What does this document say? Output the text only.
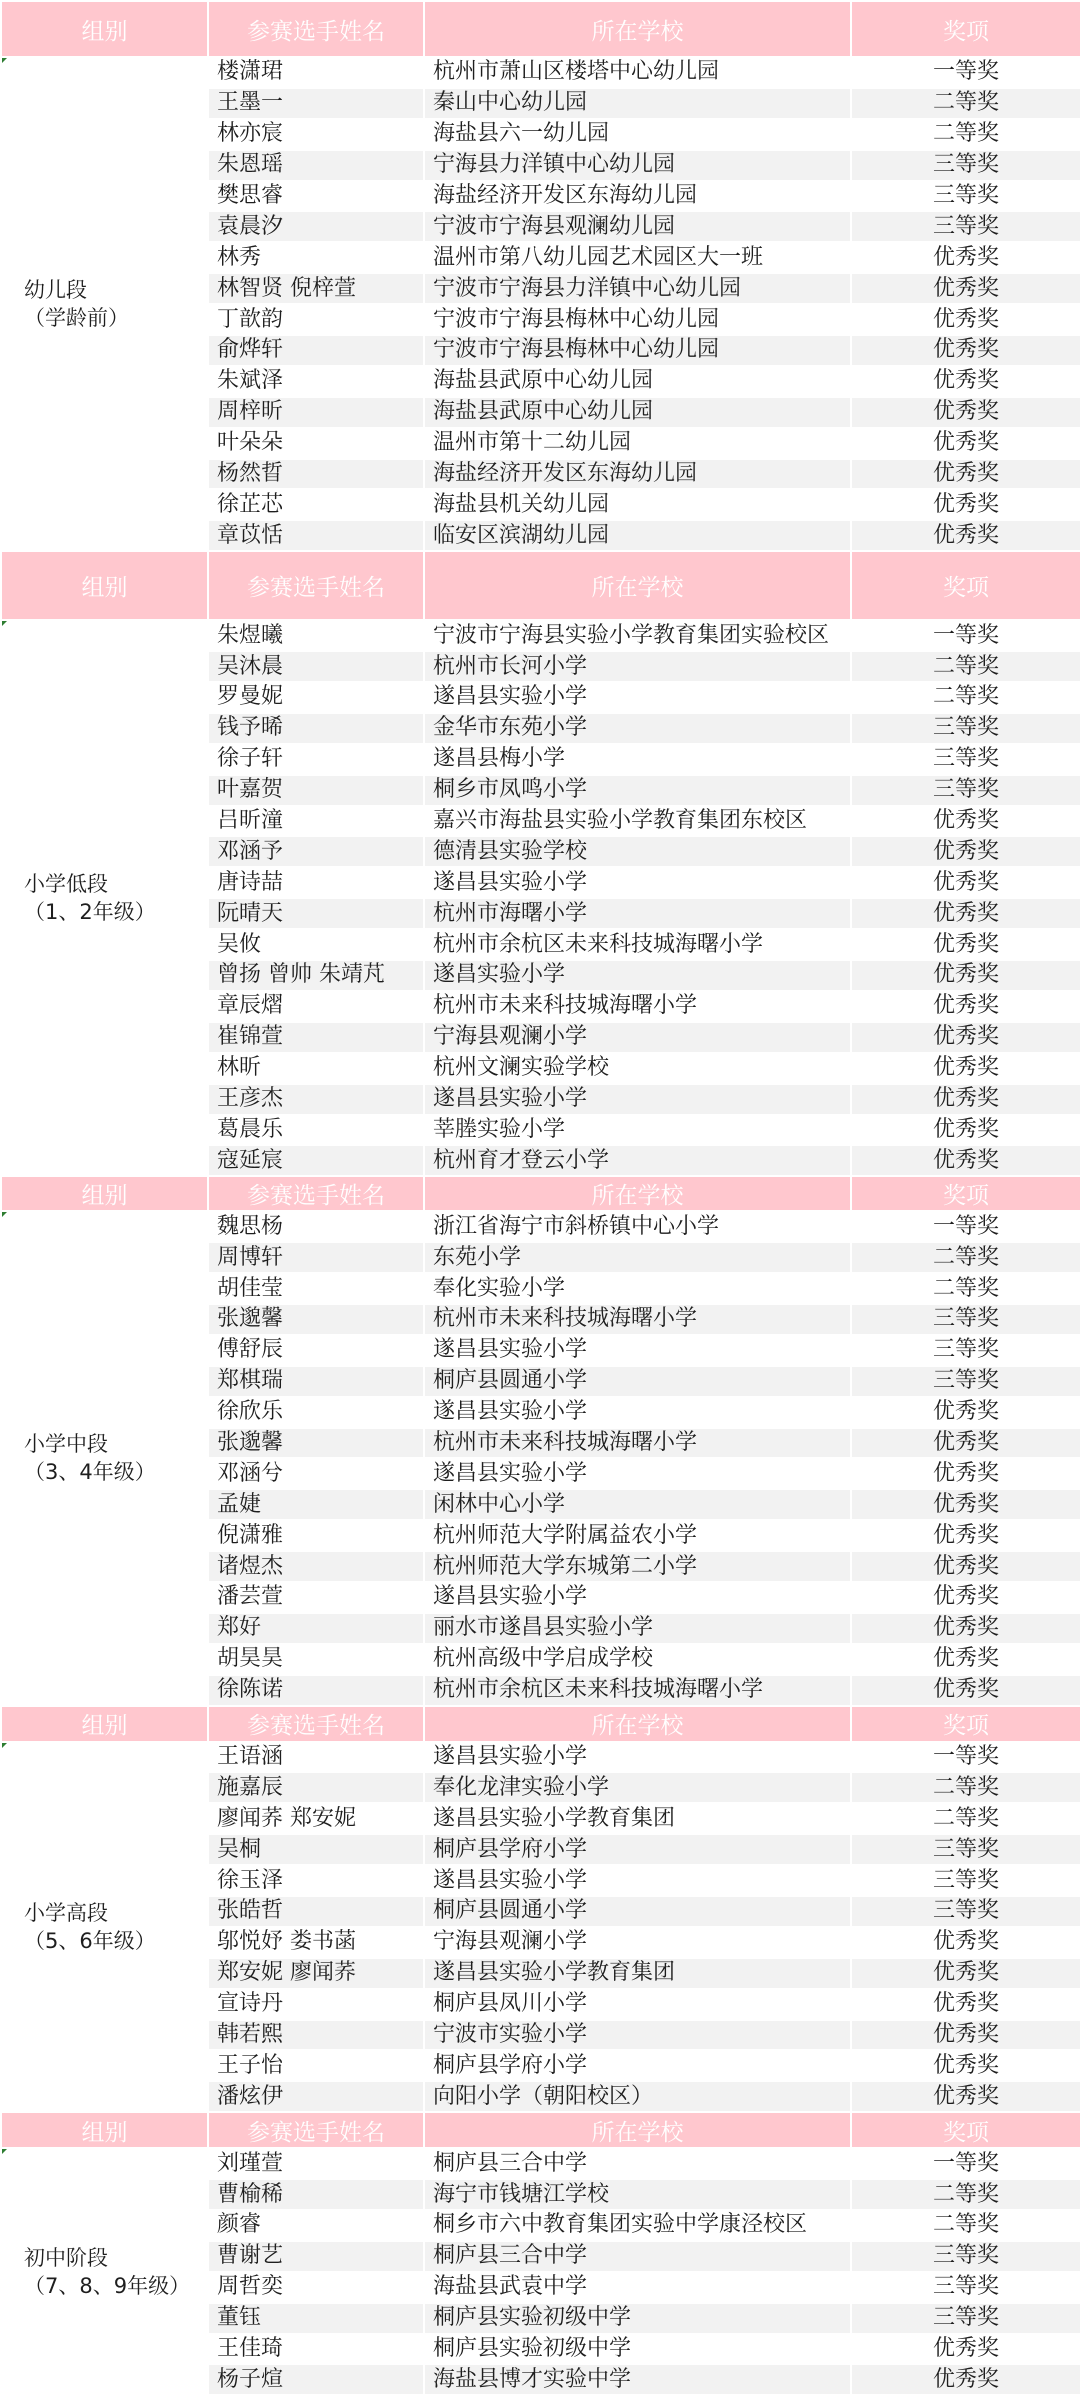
组别	参赛选手姓名	所在学校	奖项

幼儿段
（学龄前）	楼潇珺	杭州市萧山区楼塔中心幼儿园	一等奖
	王墨一	秦山中心幼儿园	二等奖
	林亦宸	海盐县六一幼儿园	二等奖
	朱恩瑶	宁海县力洋镇中心幼儿园	三等奖
	樊思睿	海盐经济开发区东海幼儿园	三等奖
	袁晨汐	宁波市宁海县观澜幼儿园	三等奖
	林秀	温州市第八幼儿园艺术园区大一班	优秀奖
	林智贤 倪梓萱	宁波市宁海县力洋镇中心幼儿园	优秀奖
	丁歆韵	宁波市宁海县梅林中心幼儿园	优秀奖
	俞烨轩	宁波市宁海县梅林中心幼儿园	优秀奖
	朱斌泽	海盐县武原中心幼儿园	优秀奖
	周梓昕	海盐县武原中心幼儿园	优秀奖
	叶朵朵	温州市第十二幼儿园	优秀奖
	杨然晢	海盐经济开发区东海幼儿园	优秀奖
	徐芷芯	海盐县机关幼儿园	优秀奖
	章苡恬	临安区滨湖幼儿园	优秀奖
组别	参赛选手姓名	所在学校	奖项

小学低段
（1、2年级）	朱煜曦	宁波市宁海县实验小学教育集团实验校区	一等奖
	吴沐晨	杭州市长河小学	二等奖
	罗曼妮	遂昌县实验小学	二等奖
	钱予晞	金华市东苑小学	三等奖
	徐子轩	遂昌县梅小学	三等奖
	叶嘉贺	桐乡市凤鸣小学	三等奖
	吕昕潼	嘉兴市海盐县实验小学教育集团东校区	优秀奖
	邓涵予	德清县实验学校	优秀奖
	唐诗喆	遂昌县实验小学	优秀奖
	阮晴天	杭州市海曙小学	优秀奖
	吴攸	杭州市余杭区未来科技城海曙小学	优秀奖
	曾扬 曾帅 朱靖芃	遂昌实验小学	优秀奖
	章辰熠	杭州市未来科技城海曙小学	优秀奖
	崔锦萱	宁海县观澜小学	优秀奖
	林昕	杭州文澜实验学校	优秀奖
	王彦杰	遂昌县实验小学	优秀奖
	葛晨乐	莘塍实验小学	优秀奖
	寇延宸	杭州育才登云小学	优秀奖
组别	参赛选手姓名	所在学校	奖项

小学中段
（3、4年级）	魏思杨	浙江省海宁市斜桥镇中心小学	一等奖
	周博轩	东苑小学	二等奖
	胡佳莹	奉化实验小学	二等奖
	张邈馨	杭州市未来科技城海曙小学	三等奖
	傅舒辰	遂昌县实验小学	三等奖
	郑棋瑞	桐庐县圆通小学	三等奖
	徐欣乐	遂昌县实验小学	优秀奖
	张邈馨	杭州市未来科技城海曙小学	优秀奖
	邓涵兮	遂昌县实验小学	优秀奖
	孟婕	闲林中心小学	优秀奖
	倪潇雅	杭州师范大学附属益农小学	优秀奖
	诸煜杰	杭州师范大学东城第二小学	优秀奖
	潘芸萱	遂昌县实验小学	优秀奖
	郑好	丽水市遂昌县实验小学	优秀奖
	胡昊昊	杭州高级中学启成学校	优秀奖
	徐陈诺	杭州市余杭区未来科技城海曙小学	优秀奖
组别	参赛选手姓名	所在学校	奖项

小学高段
（5、6年级）	王语涵	遂昌县实验小学	一等奖
	施嘉辰	奉化龙津实验小学	二等奖
	廖闻荞 郑安妮	遂昌县实验小学教育集团	二等奖
	吴桐	桐庐县学府小学	三等奖
	徐玉泽	遂昌县实验小学	三等奖
	张皓哲	桐庐县圆通小学	三等奖
	邬悦妤 娄书菡	宁海县观澜小学	优秀奖
	郑安妮 廖闻荞	遂昌县实验小学教育集团	优秀奖
	宣诗丹	桐庐县凤川小学	优秀奖
	韩若熙	宁波市实验小学	优秀奖
	王子怡	桐庐县学府小学	优秀奖
	潘炫伊	向阳小学（朝阳校区）	优秀奖
组别	参赛选手姓名	所在学校	奖项

初中阶段
（7、8、9年级）	刘瑾萱	桐庐县三合中学	一等奖
	曹榆稀	海宁市钱塘江学校	二等奖
	颜睿	桐乡市六中教育集团实验中学康泾校区	二等奖
	曹谢艺	桐庐县三合中学	三等奖
	周哲奕	海盐县武袁中学	三等奖
	董钰	桐庐县实验初级中学	三等奖
	王佳琦	桐庐县实验初级中学	优秀奖
	杨子煊	海盐县博才实验中学	优秀奖
